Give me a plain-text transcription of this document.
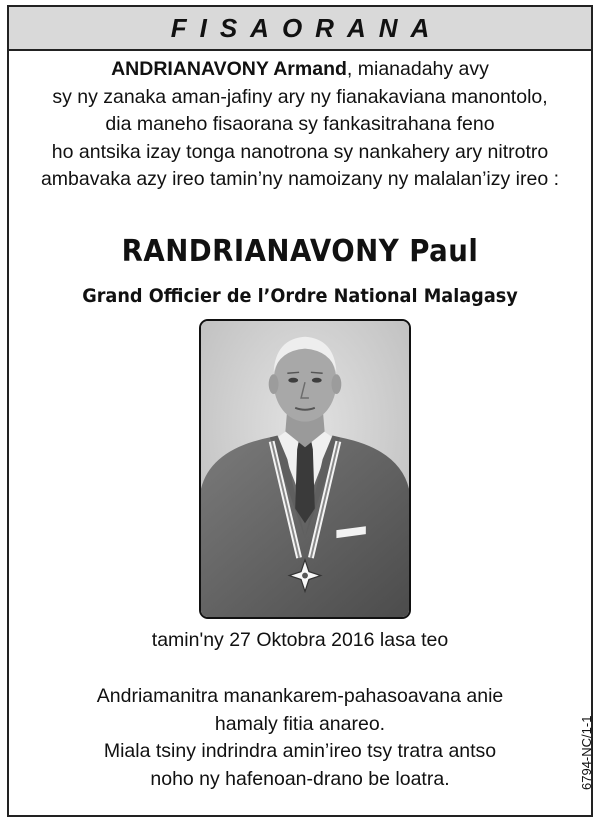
FISAORANA
ANDRIANAVONY Armand, mianadahy avy
sy ny zanaka aman-jafiny ary ny fianakaviana manontolo,
dia maneho fisaorana sy fankasitrahana feno
ho antsika izay tonga nanotrona sy nankahery ary nitrotro
ambavaka azy ireo tamin’ny namoizany ny malalan’izy ireo :
RANDRIANAVONY Paul
Grand Officier de l’Ordre National Malagasy
tamin'ny 27 Oktobra 2016 lasa teo
Andriamanitra manankarem-pahasoavana anie
hamaly fitia anareo.
Miala tsiny indrindra amin’ireo tsy tratra antso
noho ny hafenoan-drano be loatra.	6794-NC/1-1
